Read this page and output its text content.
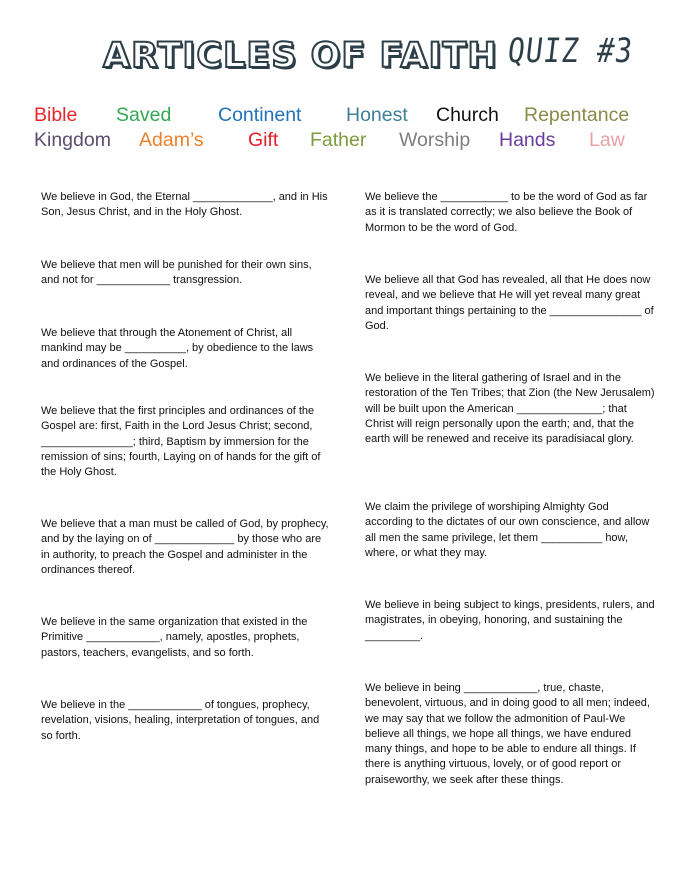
ARTICLES OF FAITH QUIZ #3
Bible Saved Continent Honest Church Repentance
Kingdom Adam’s Gift Father Worship Hands Law

We believe in God, the Eternal _____________, and in His Son, Jesus Christ, and in the Holy Ghost.

We believe that men will be punished for their own sins, and not for ____________ transgression.

We believe that through the Atonement of Christ, all mankind may be __________, by obedience to the laws and ordinances of the Gospel.

We believe that the first principles and ordinances of the Gospel are: first, Faith in the Lord Jesus Christ; second, _______________; third, Baptism by immersion for the remission of sins; fourth, Laying on of hands for the gift of the Holy Ghost.

We believe that a man must be called of God, by prophecy, and by the laying on of _____________ by those who are in authority, to preach the Gospel and administer in the ordinances thereof.

We believe in the same organization that existed in the Primitive ____________, namely, apostles, prophets, pastors, teachers, evangelists, and so forth.

We believe in the ____________ of tongues, prophecy, revelation, visions, healing, interpretation of tongues, and so forth.

We believe the ___________ to be the word of God as far as it is translated correctly; we also believe the Book of Mormon to be the word of God.

We believe all that God has revealed, all that He does now reveal, and we believe that He will yet reveal many great and important things pertaining to the _______________ of God.

We believe in the literal gathering of Israel and in the restoration of the Ten Tribes; that Zion (the New Jerusalem) will be built upon the American ______________; that Christ will reign personally upon the earth; and, that the earth will be renewed and receive its paradisiacal glory.

We claim the privilege of worshiping Almighty God according to the dictates of our own conscience, and allow all men the same privilege, let them __________ how, where, or what they may.

We believe in being subject to kings, presidents, rulers, and magistrates, in obeying, honoring, and sustaining the _________.

We believe in being ____________, true, chaste, benevolent, virtuous, and in doing good to all men; indeed, we may say that we follow the admonition of Paul-We believe all things, we hope all things, we have endured many things, and hope to be able to endure all things. If there is anything virtuous, lovely, or of good report or praiseworthy, we seek after these things.
